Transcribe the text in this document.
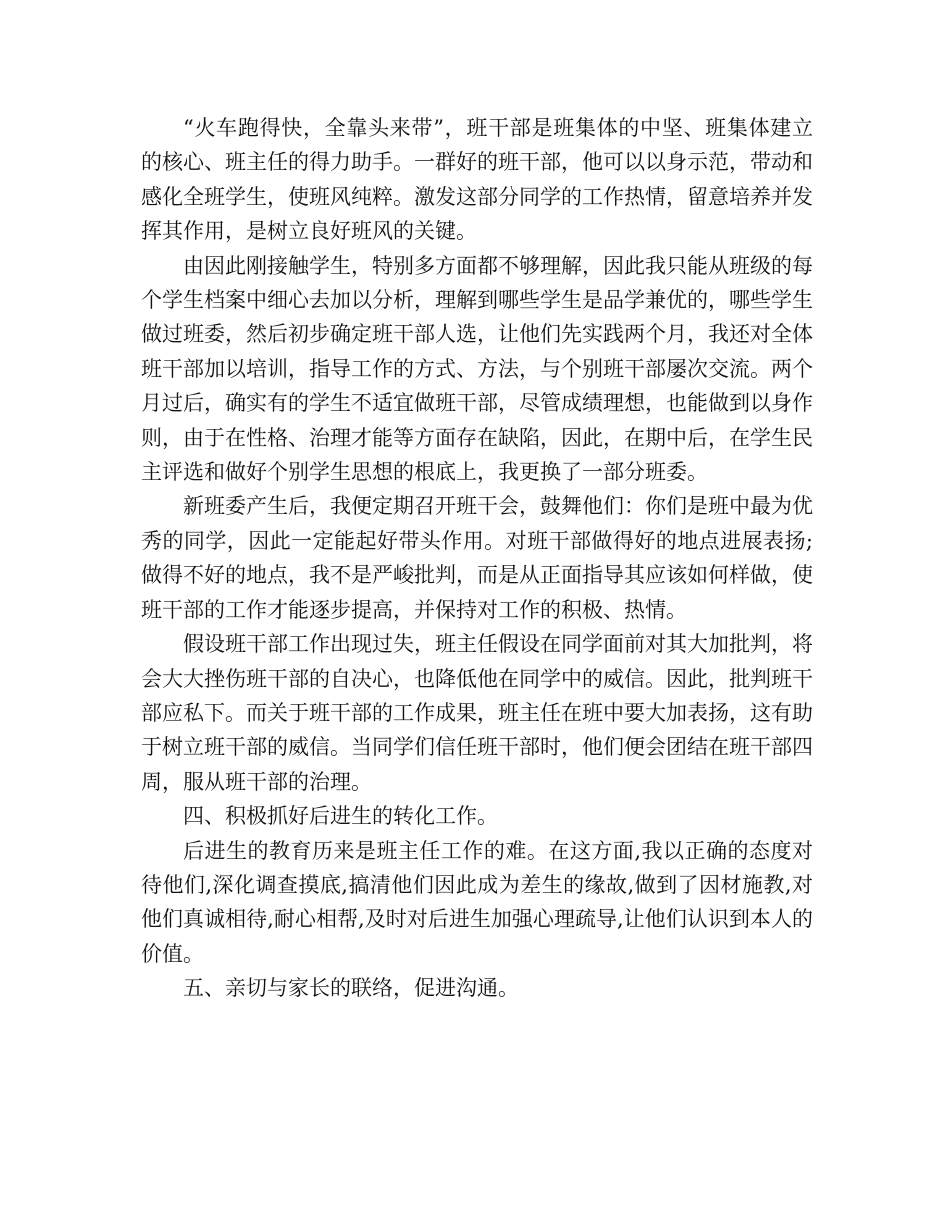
“火车跑得快，全靠头来带”，班干部是班集体的中坚、班集体建立的核心、班主任的得力助手。一群好的班干部，他可以以身示范，带动和感化全班学生，使班风纯粹。激发这部分同学的工作热情，留意培养并发挥其作用，是树立良好班风的关键。

由因此刚接触学生，特别多方面都不够理解，因此我只能从班级的每个学生档案中细心去加以分析，理解到哪些学生是品学兼优的，哪些学生做过班委，然后初步确定班干部人选，让他们先实践两个月，我还对全体班干部加以培训，指导工作的方式、方法，与个别班干部屡次交流。两个月过后，确实有的学生不适宜做班干部，尽管成绩理想，也能做到以身作则，由于在性格、治理才能等方面存在缺陷，因此，在期中后，在学生民主评选和做好个别学生思想的根底上，我更换了一部分班委。

新班委产生后，我便定期召开班干会，鼓舞他们：你们是班中最为优秀的同学，因此一定能起好带头作用。对班干部做得好的地点进展表扬;做得不好的地点，我不是严峻批判，而是从正面指导其应该如何样做，使班干部的工作才能逐步提高，并保持对工作的积极、热情。

假设班干部工作出现过失，班主任假设在同学面前对其大加批判，将会大大挫伤班干部的自决心，也降低他在同学中的威信。因此，批判班干部应私下。而关于班干部的工作成果，班主任在班中要大加表扬，这有助于树立班干部的威信。当同学们信任班干部时，他们便会团结在班干部四周，服从班干部的治理。

四、积极抓好后进生的转化工作。

后进生的教育历来是班主任工作的难。在这方面,我以正确的态度对待他们,深化调查摸底,搞清他们因此成为差生的缘故,做到了因材施教,对他们真诚相待,耐心相帮,及时对后进生加强心理疏导,让他们认识到本人的价值。

五、亲切与家长的联络，促进沟通。
